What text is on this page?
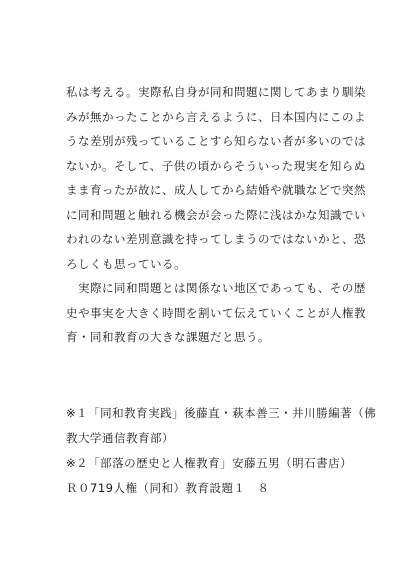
私は考える。実際私自身が同和問題に関してあまり馴染
みが無かったことから言えるように、日本国内にこのよ
うな差別が残っていることすら知らない者が多いのでは
ないか。そして、子供の頃からそういった現実を知らぬ
まま育ったが故に、成人してから結婚や就職などで突然
に同和問題と触れる機会が会った際に浅はかな知識でい
われのない差別意識を持ってしまうのではないかと、恐
ろしくも思っている。
　実際に同和問題とは関係ない地区であっても、その歴
史や事実を大きく時間を割いて伝えていくことが人権教
育・同和教育の大きな課題だと思う。
※１「同和教育実践」後藤直・萩本善三・井川勝編著（佛
教大学通信教育部）
※２「部落の歴史と人権教育」安藤五男（明石書店）
Ｒ０719人権（同和）教育設題１　８
